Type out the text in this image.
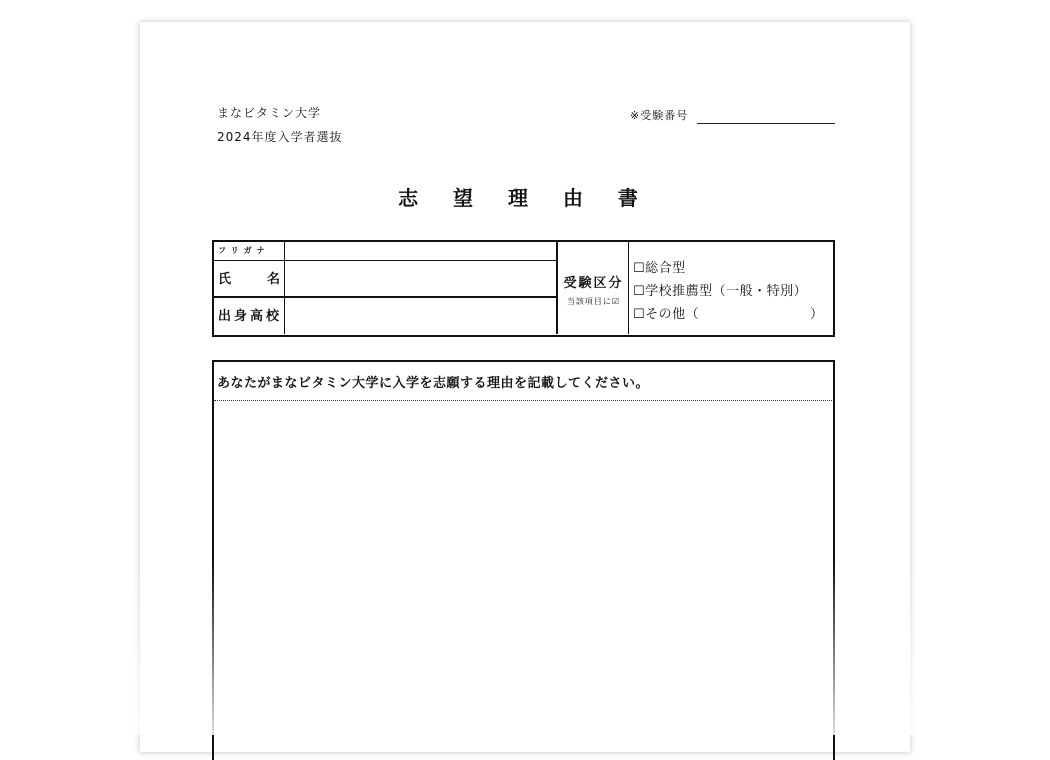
まなビタミン大学
2024年度入学者選抜
※受験番号
志 望 理 由 書
フリガナ
氏	名
出身高校
受験区分
当該項目に☑
☐総合型
☐学校推薦型（一般・特別）
☐その他（	）
あなたがまなビタミン大学に入学を志願する理由を記載してください。
